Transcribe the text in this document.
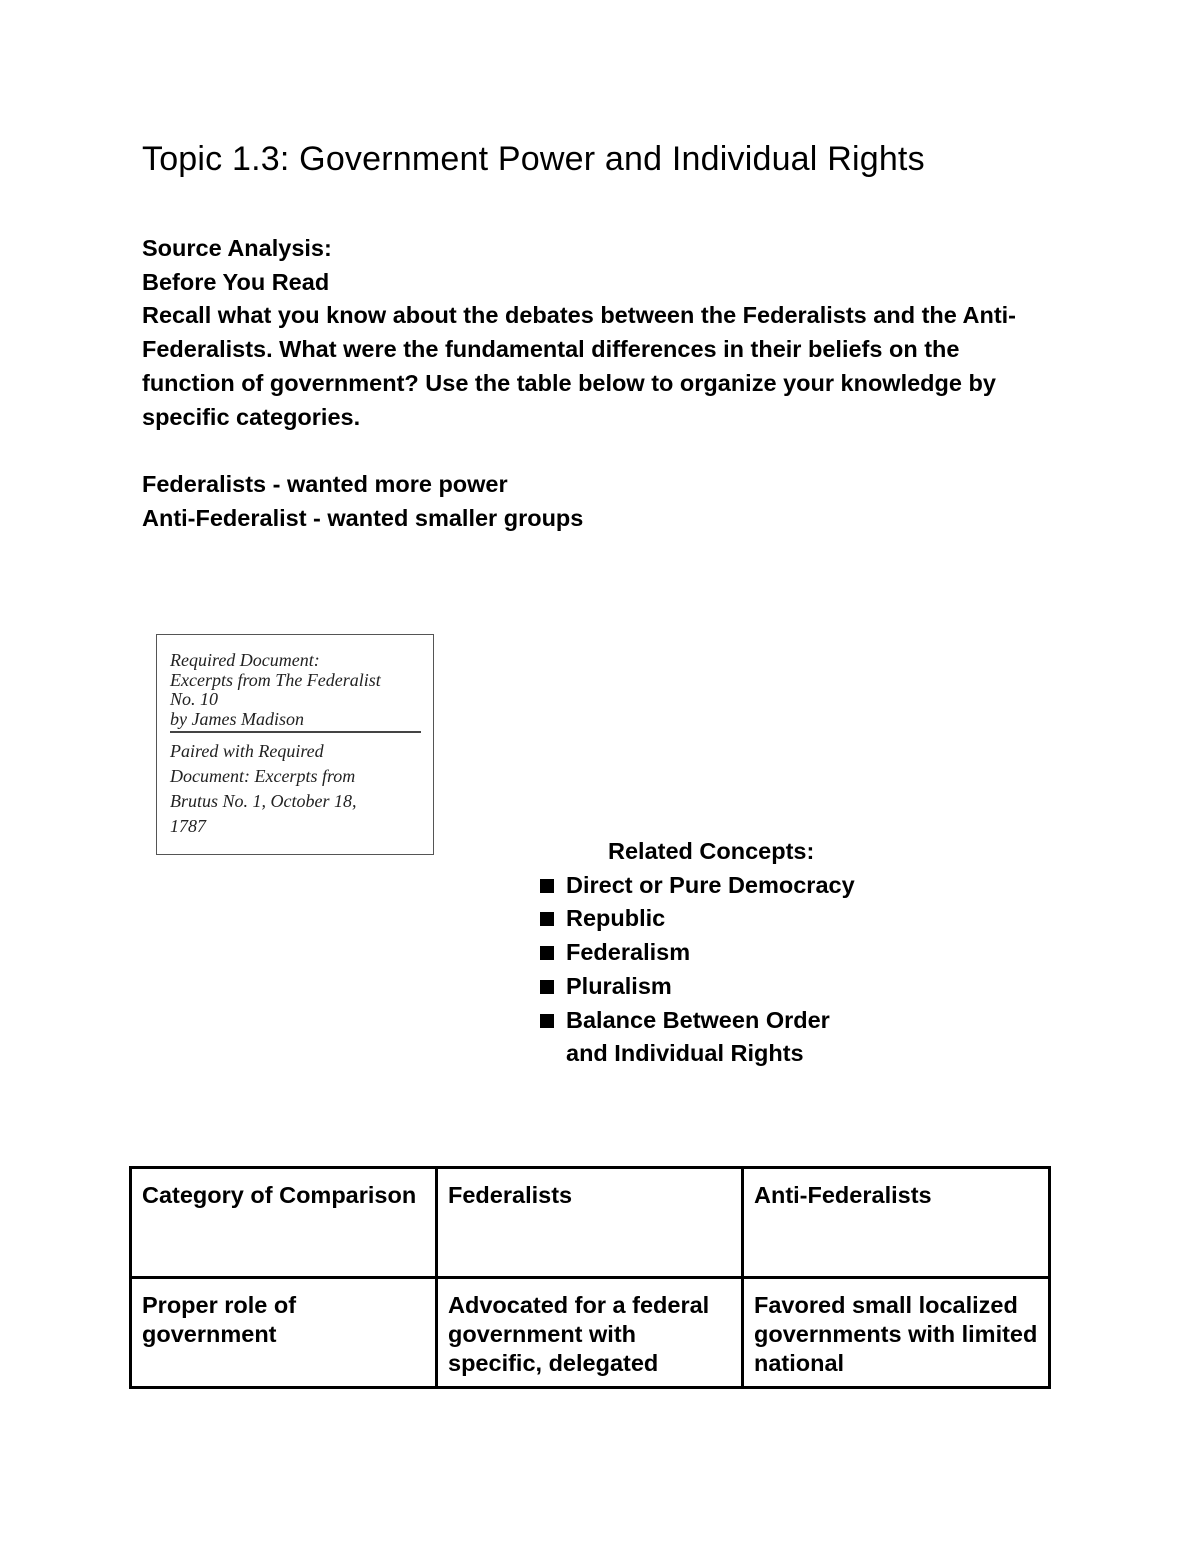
Topic 1.3: Government Power and Individual Rights

Source Analysis:

Before You Read

Recall what you know about the debates between the Federalists and the Anti-Federalists. What were the fundamental differences in their beliefs on the function of government? Use the table below to organize your knowledge by specific categories.

Federalists - wanted more power

Anti-Federalist - wanted smaller groups

Required Document:
Excerpts from The Federalist
No. 10
by James Madison
Paired with Required
Document: Excerpts from
Brutus No. 1, October 18,
1787

Related Concepts:

Direct or Pure Democracy
Republic
Federalism
Pluralism
Balance Between Order and Individual Rights
Category of Comparison	Federalists	Anti-Federalists
Proper role of government	Advocated for a federal government with specific, delegated	Favored small localized governments with limited national
